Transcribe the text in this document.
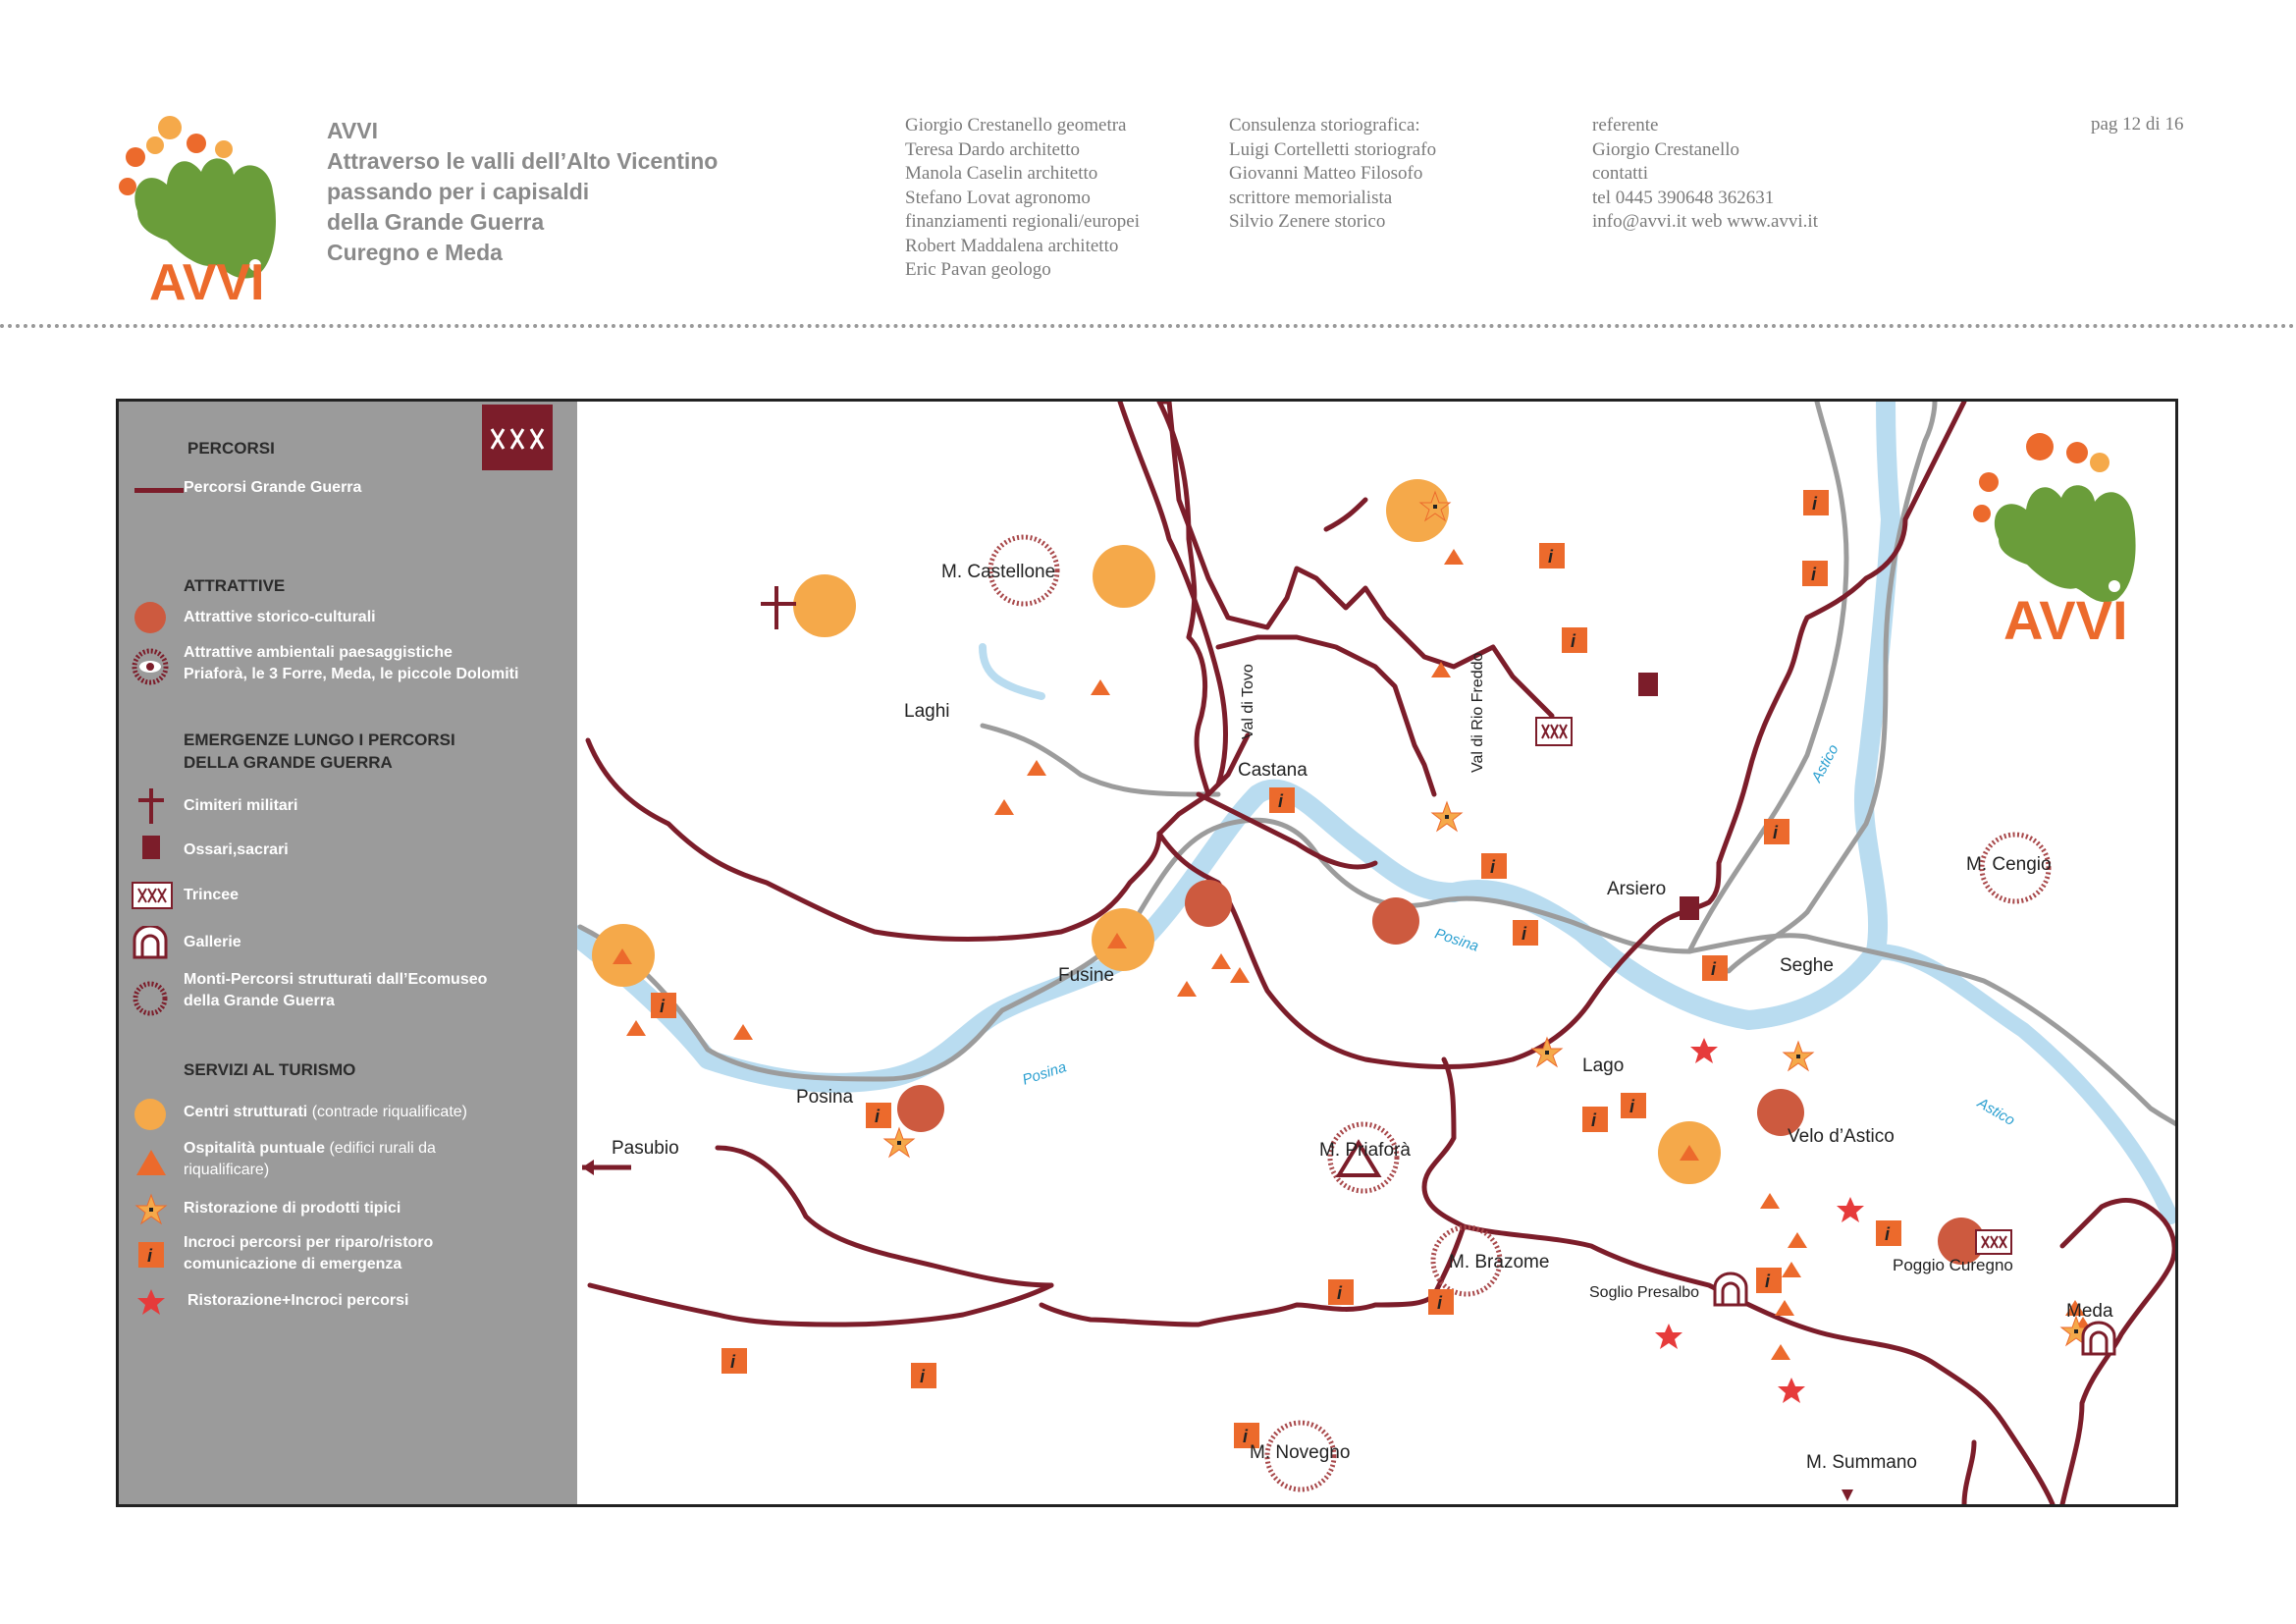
AVVI
AVVI
Attraverso le valli dell’Alto Vicentino
passando per i capisaldi
della Grande Guerra
Curegno e Meda
Giorgio Crestanello geometra
Teresa Dardo architetto
Manola Caselin architetto
Stefano Lovat agronomo
finanziamenti regionali/europei
Robert Maddalena architetto
Eric Pavan geologo
Consulenza storiografica:
Luigi Cortelletti storiografo
Giovanni Matteo Filosofo
scrittore memorialista
Silvio Zenere storico
referente
Giorgio Crestanello
contatti
tel 0445 390648 362631
info@avvi.it web www.avvi.it
pag 12 di 16
PERCORSI
Percorsi Grande Guerra
ATTRATTIVE
Attrattive storico-culturali
Attrattive ambientali paesaggistiche
Priaforà, le 3 Forre, Meda, le piccole Dolomiti
EMERGENZE LUNGO I PERCORSI
DELLA GRANDE GUERRA
Cimiteri militari
Ossari,sacrari
Trincee
Gallerie
Monti-Percorsi strutturati dall’Ecomuseo
della Grande Guerra
SERVIZI AL TURISMO
Centri strutturati (contrade riqualificate)
Ospitalità puntuale (edifici rurali da
riqualificare)
Ristorazione di prodotti tipici
i
Incroci percorsi per riparo/ristoro
comunicazione di emergenza
Ristorazione+Incroci percorsi
i
i
i
i
i
i
i
i
i
i
i	i
i
i
i
i	i
i
i
i
AVVI
M. Castellone
Laghi
Castana
Fusine
Posina
Pasubio	M. Priaforà
M. Brazome
M. Novegno
M. Cengio
Arsiero
Seghe
Lago
Velo d’Astico
Soglio Presalbo
Poggio Curegno
Meda
M. Summano
Val di Tovo	Val di Rio Freddo
Posina
Posina
Astico
Astico
